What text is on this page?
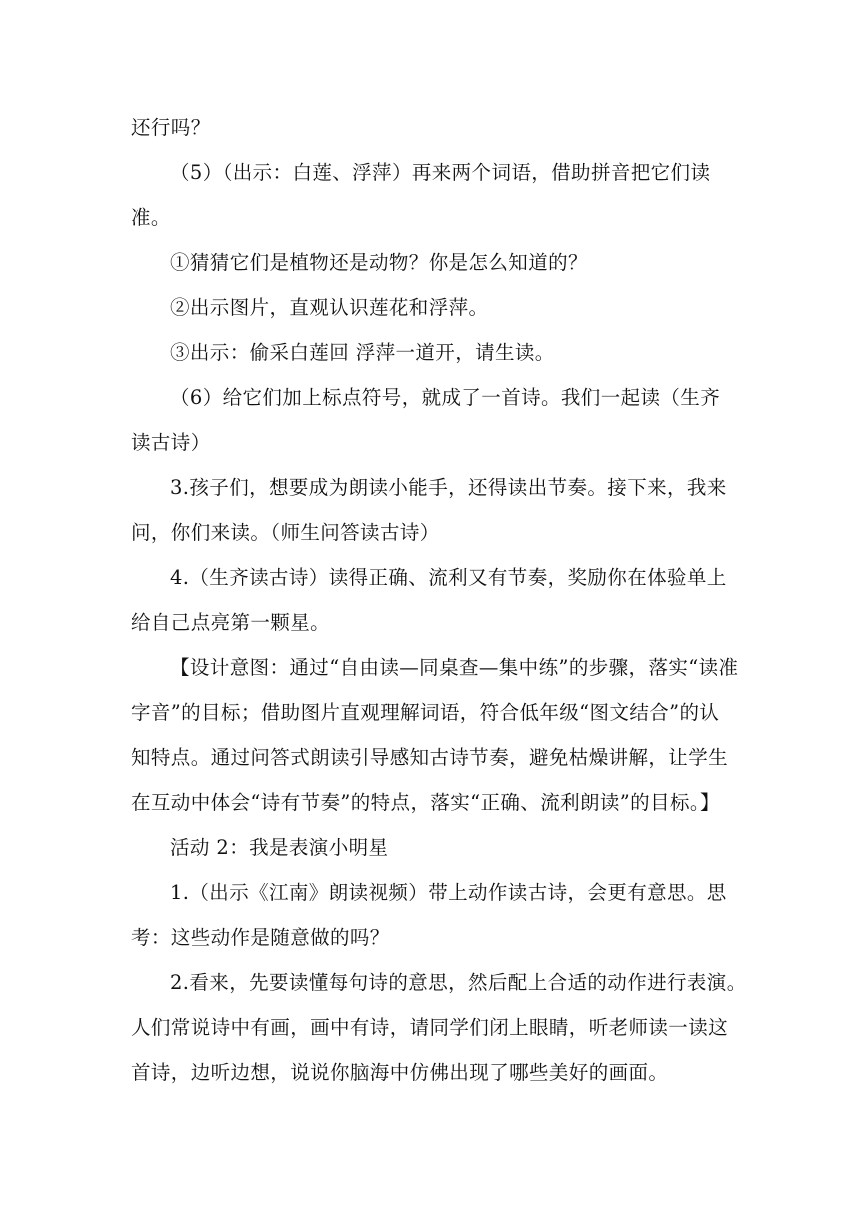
还行吗？
（5）（出示：白莲、浮萍）再来两个词语，借助拼音把它们读
准。
①猜猜它们是植物还是动物？你是怎么知道的？
②出示图片，直观认识莲花和浮萍。
③出示：偷采白莲回 浮萍一道开，请生读。
（6）给它们加上标点符号，就成了一首诗。我们一起读（生齐
读古诗）
3.孩子们，想要成为朗读小能手，还得读出节奏。接下来，我来
问，你们来读。（师生问答读古诗）
4.（生齐读古诗）读得正确、流利又有节奏，奖励你在体验单上
给自己点亮第一颗星。
【设计意图：通过“自由读—同桌查—集中练”的步骤，落实“读准
字音”的目标；借助图片直观理解词语，符合低年级“图文结合”的认
知特点。通过问答式朗读引导感知古诗节奏，避免枯燥讲解，让学生
在互动中体会“诗有节奏”的特点，落实“正确、流利朗读”的目标。】
活动 2：我是表演小明星
1.（出示《江南》朗读视频）带上动作读古诗，会更有意思。思
考：这些动作是随意做的吗？
2.看来，先要读懂每句诗的意思，然后配上合适的动作进行表演。
人们常说诗中有画，画中有诗，请同学们闭上眼睛，听老师读一读这
首诗，边听边想，说说你脑海中仿佛出现了哪些美好的画面。
